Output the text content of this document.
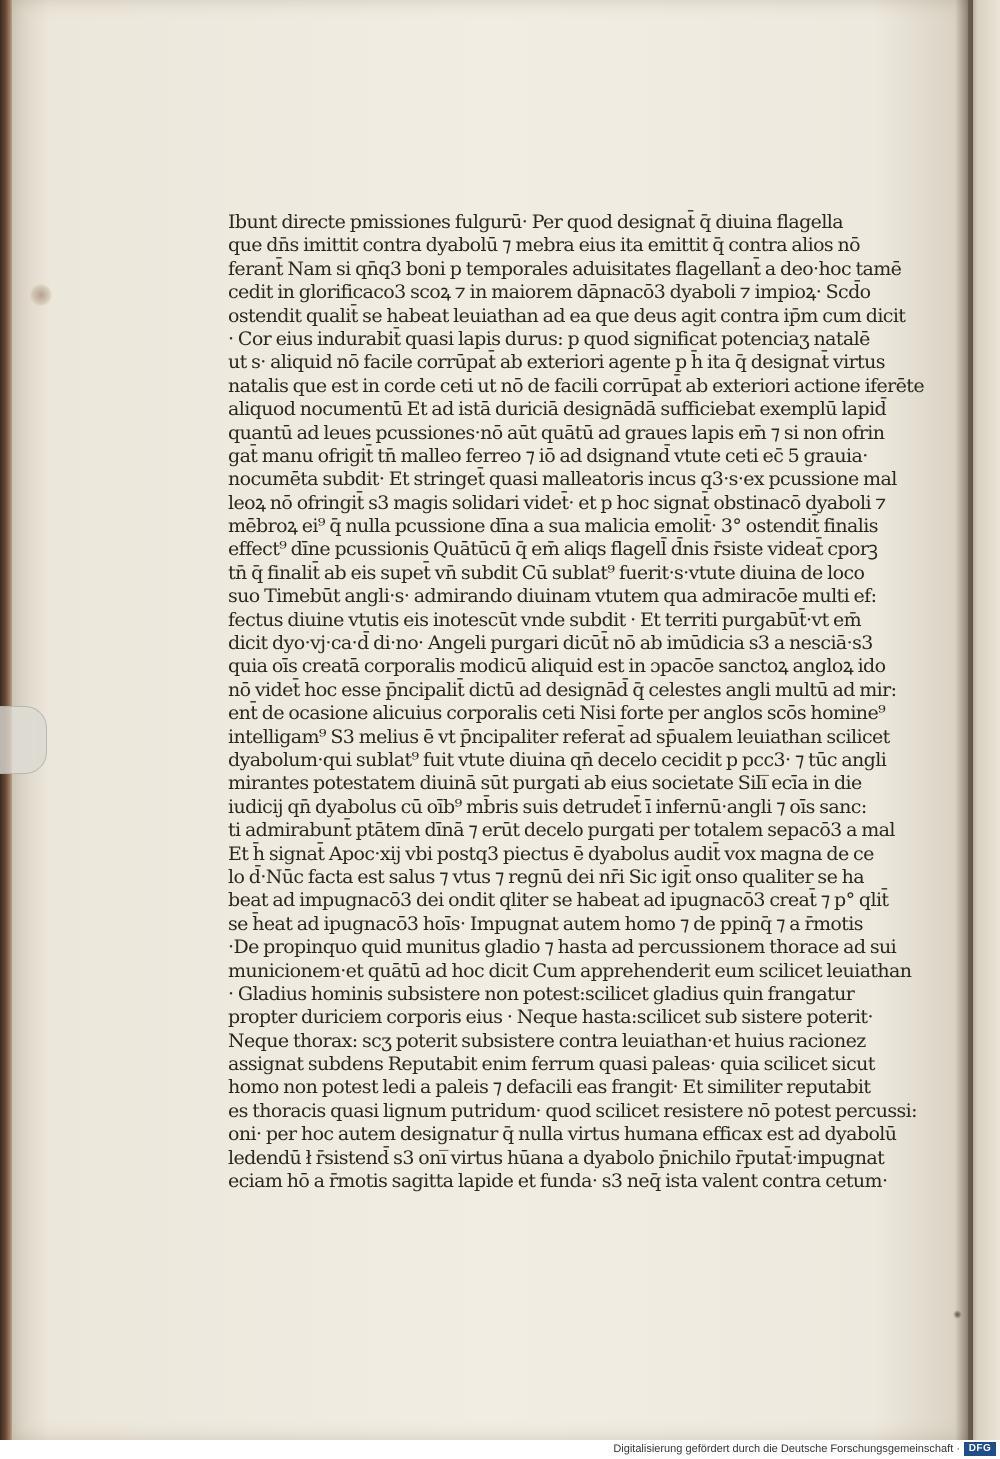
Ibunt directe pmissiones fulgurū· Per quod designat̄ q̄ diuina flagella
que dn̄s imittit contra dyabolū ⁊ mebra eius ita emittit q̄ contra alios nō
ferant̄ Nam si qn̄q3 boni p temporales aduisitates flagellant̄ a deo·hoc tamē
cedit in glorificaco3 scoꝝ ⁊ in maiorem dāpnacō3 dyaboli ⁊ impioꝝ· Scd̄o
ostendit qualit̄ se habeat leuiathan ad ea que deus agit contra ip̄m cum dicit
· Cor eius indurabit̄ quasi lapis durus: p quod significat potenciaʒ natalē
ut s· aliquid nō facile corrūpat̄ ab exteriori agente p h̄ ita q̄ designat̄ virtus
natalis que est in corde ceti ut nō de facili corrūpat̄ ab exteriori actione iferēte
aliquod nocumentū Et ad istā duriciā designādā sufficiebat exemplū lapid̄
quantū ad leues pcussiones·nō aūt quātū ad graues lapis em̄ ⁊ si non ofrin
gat̄ manu ofrigit̄ tn̄ malleo ferreo ⁊ iō ad dsignand̄ vtute ceti ec̄ 5 grauia·
nocumēta subdit· Et stringet̄ quasi malleatoris incus q3·s·ex pcussione mal
leoꝝ nō ofringit̄ s3 magis solidari videt̄· et p hoc signat̄ obstinacō dyaboli ⁊
mēbroꝝ ei⁹ q̄ nulla pcussione dīna a sua malicia emolit̄· 3° ostendit̄ finalis
effect⁹ dīne pcussionis Quātūcū q̄ em̄ aliqs flagell̄ d̄nis r̄siste videat̄ cporꝫ
tn̄ q̄ finalit̄ ab eis supet̄ vn̄ subdit Cū sublat⁹ fuerit·s·vtute diuina de loco
suo Timebūt angli·s· admirando diuinam vtutem qua admiracōe multi ef:
fectus diuine vtutis eis inotescūt vnde subdit · Et territi purgabūt̄·vt em̄
dicit dyo·vj·ca·d̄ di·no· Angeli purgari dicūt̄ nō ab imūdicia s3 a nesciā·s3
quia oīs creatā corporalis modicū aliquid est in ɔpacōe sanctoꝝ angloꝝ ido
nō videt̄ hoc esse p̄ncipalit̄ dictū ad designād̄ q̄ celestes angli multū ad mir:
ent̄ de ocasione alicuius corporalis ceti Nisi forte per anglos scōs homine⁹
intelligam⁹ S3 melius ē vt p̄ncipaliter referat̄ ad sp̄ualem leuiathan scilicet
dyabolum·qui sublat⁹ fuit vtute diuina qn̄ decelo cecidit p pcc3· ⁊ tūc angli
mirantes potestatem diuinā sūt purgati ab eius societate Sili̅ ecīa in die
iudicij qn̄ dyabolus cū oīb⁹ mb̄ris suis detrudet̄ ī infernū·angli ⁊ oīs sanc:
ti admirabunt̄ ptātem dīnā ⁊ erūt decelo purgati per totalem sepacō3 a mal
Et h̄ signat̄ Apoc·xij vbi postq3 piectus ē dyabolus audit̄ vox magna de ce
lo d̄·Nūc facta est salus ⁊ vtus ⁊ regnū dei nr̄i Sic igit̄ onso qualiter se ha
beat ad impugnacō3 dei ondit qliter se habeat ad ipugnacō3 creat̄ ⁊ p° qlit̄
se h̄eat ad ipugnacō3 hoīs· Impugnat autem homo ⁊ de ppinq̄ ⁊ a r̄motis
·De propinquo quid munitus gladio ⁊ hasta ad percussionem thorace ad sui
municionem·et quātū ad hoc dicit Cum apprehenderit eum scilicet leuiathan
· Gladius hominis subsistere non potest:scilicet gladius quin frangatur
propter duriciem corporis eius · Neque hasta:scilicet sub sistere poterit·
Neque thorax: scʒ poterit subsistere contra leuiathan·et huius racionez
assignat subdens Reputabit enim ferrum quasi paleas· quia scilicet sicut
homo non potest ledi a paleis ⁊ defacili eas frangit· Et similiter reputabit
es thoracis quasi lignum putridum· quod scilicet resistere nō potest percussi:
oni· per hoc autem designatur q̄ nulla virtus humana efficax est ad dyabolū
ledendū ł r̄sistend̄ s3 oni̅ virtus hūana a dyabolo p̄nichilo r̄putat̄·impugnat
eciam hō a r̄motis sagitta lapide et funda· s3 neq̄ ista valent contra cetum·
Digitalisierung gefördert durch die Deutsche Forschungsgemeinschaft · DFG
